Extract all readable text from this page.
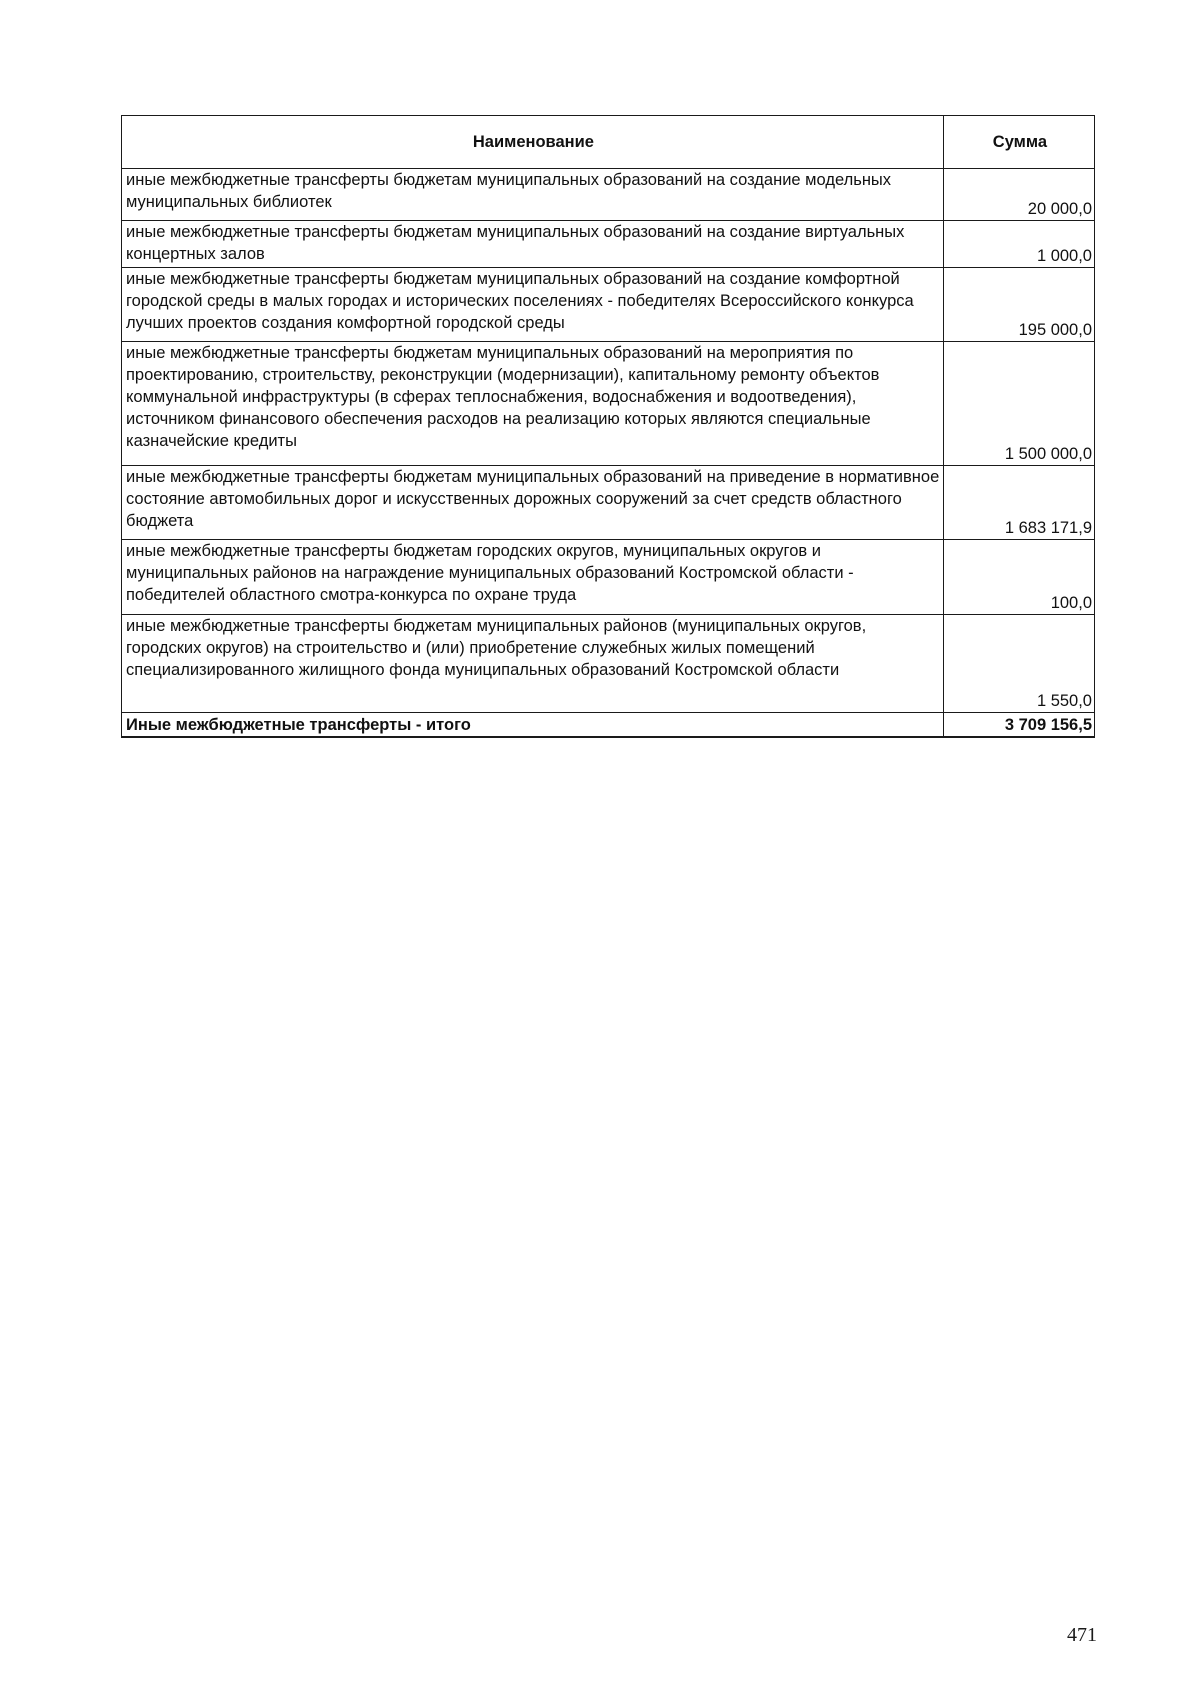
Наименование	Сумма
иные межбюджетные трансферты бюджетам муниципальных образований на создание модельных муниципальных библиотек	20 000,0
иные межбюджетные трансферты бюджетам муниципальных образований на создание виртуальных концертных залов	1 000,0
иные межбюджетные трансферты бюджетам муниципальных образований на создание комфортной городской среды в малых городах и исторических поселениях - победителях Всероссийского конкурса лучших проектов создания комфортной городской среды	195 000,0
иные межбюджетные трансферты бюджетам муниципальных образований на мероприятия по проектированию, строительству, реконструкции (модернизации), капитальному ремонту объектов коммунальной инфраструктуры (в сферах теплоснабжения, водоснабжения и водоотведения), источником финансового обеспечения расходов на реализацию которых являются специальные казначейские кредиты	1 500 000,0
иные межбюджетные трансферты бюджетам муниципальных образований на приведение в нормативное состояние автомобильных дорог и искусственных дорожных сооружений за счет средств областного бюджета	1 683 171,9
иные межбюджетные трансферты бюджетам городских округов, муниципальных округов и муниципальных районов на награждение муниципальных образований Костромской области - победителей областного смотра-конкурса по охране труда	100,0
иные межбюджетные трансферты бюджетам муниципальных районов (муниципальных округов, городских округов) на строительство и (или) приобретение служебных жилых помещений специализированного жилищного фонда муниципальных образований Костромской области	1 550,0
Иные межбюджетные трансферты - итого	3 709 156,5
471
